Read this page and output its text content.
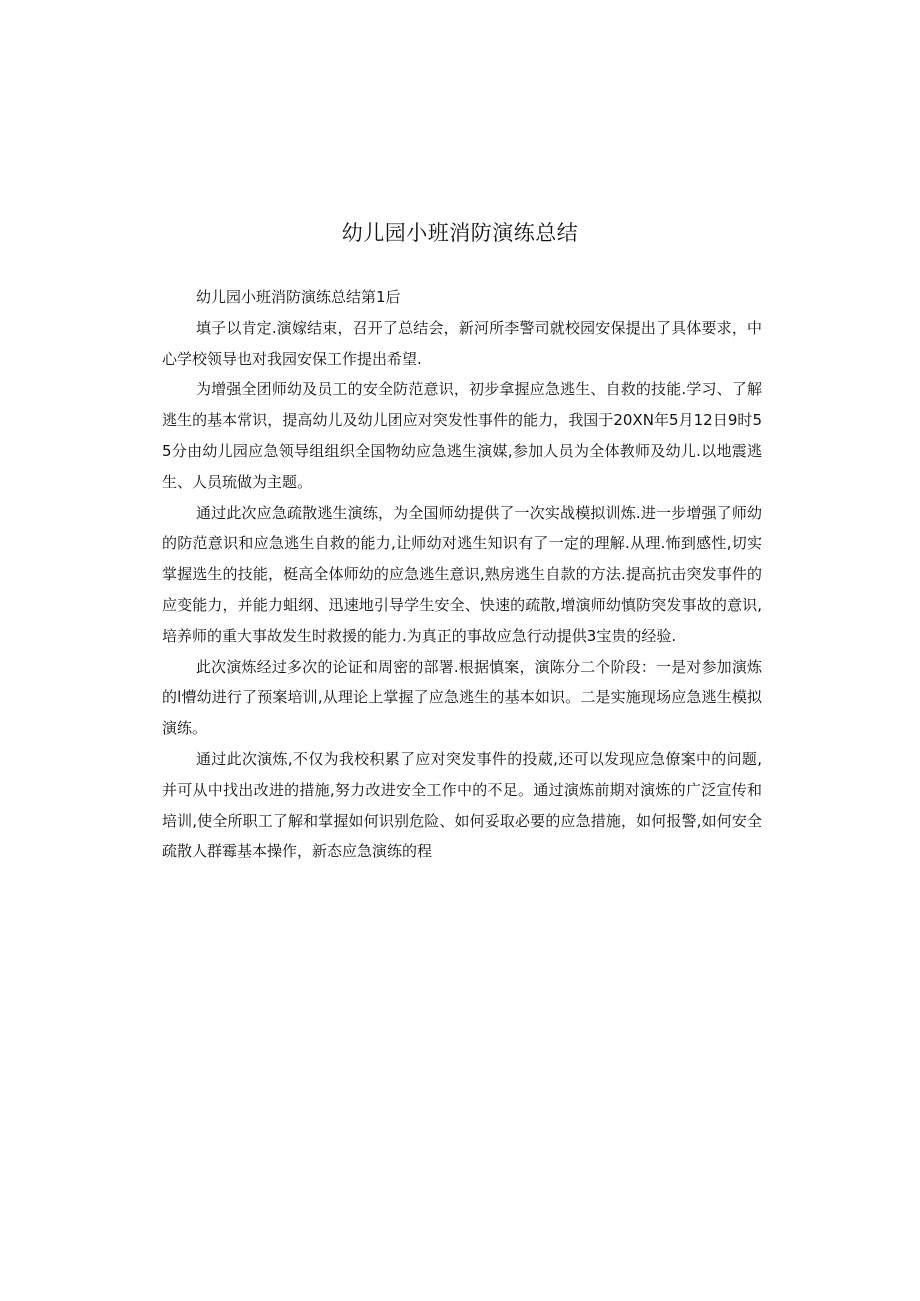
幼儿园小班消防演练总结

幼儿园小班消防演练总结第1后

填子以肯定.演嫁结束，召开了总结会，新河所李警司就校园安保提出了具体要求，中心学校领导也对我园安保工作提出希望.

为增强全团师幼及员工的安全防范意识，初步拿握应急逃生、自救的技能.学习、了解逃生的基本常识，提高幼儿及幼儿团应对突发性事件的能力，我国于20XN年5月12日9时55分由幼儿园应急领导组组织全国物幼应急逃生演媒,参加人员为全体教师及幼儿.以地震逃生、人员琉做为主题。

通过此次应急疏散逃生演练，为全国师幼提供了一次实战模拟训炼.进一步增强了师幼的防范意识和应急逃生自救的能力,让师幼对逃生知识有了一定的理解.从理.怖到感性,切实掌握选生的技能，梃高全体师幼的应急逃生意识,熟房逃生自款的方法.提高抗击突发事件的应变能力，并能力蛆纲、迅速地引导学生安全、快速的疏散,增演师幼慎防突发事故的意识,培养师的重大事故发生时救援的能力.为真正的事故应急行动提供3宝贵的经验.

此次演炼经过多次的论证和周密的部署.根据慎案，演陈分二个阶段：一是对参加演炼的l懵幼进行了预案培训,从理论上掌握了应急逃生的基本如识。二是实施现场应急逃生模拟演练。

通过此次演炼,不仅为我校积累了应对突发事件的投葳,还可以发现应急僚案中的问题,并可从中找出改进的措施,努力改进安全工作中的不足。通过演炼前期对演炼的广泛宣传和培训,使全所职工了解和掌握如何识别危险、如何妥取必要的应急措施，如何报警,如何安全疏散人群霉基本操作，新态应急演练的程
